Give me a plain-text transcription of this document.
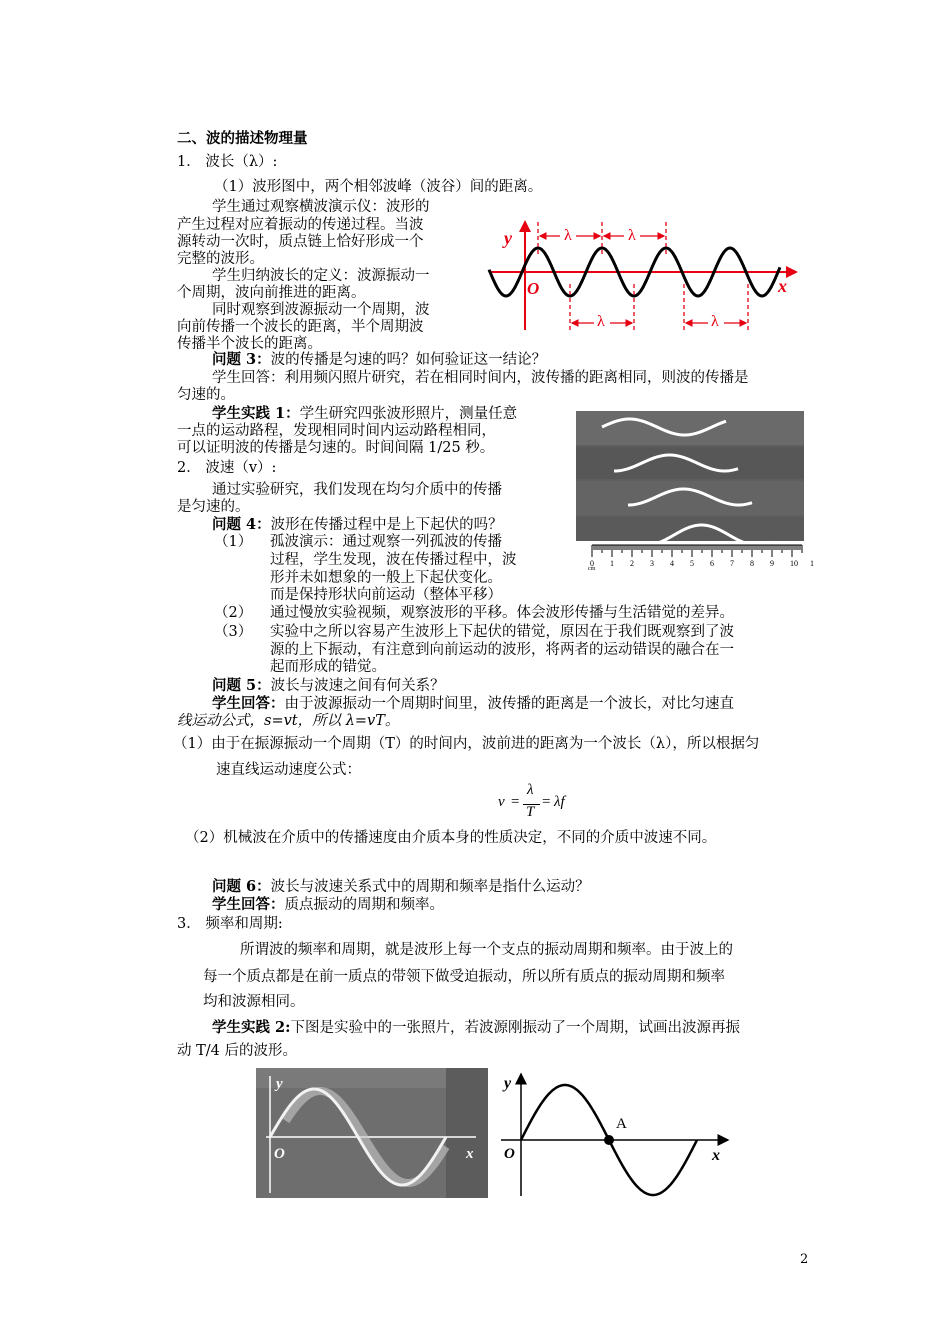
二、波的描述物理量
1． 波长（λ）:
（1）波形图中，两个相邻波峰（波谷）间的距离。
学生通过观察横波演示仪：波形的
产生过程对应着振动的传递过程。当波
源转动一次时，质点链上恰好形成一个
完整的波形。
学生归纳波长的定义：波源振动一
个周期，波向前推进的距离。
同时观察到波源振动一个周期，波
向前传播一个波长的距离，半个周期波
传播半个波长的距离。
λ	λ
λ	λ
y
x
O
问题 3：波的传播是匀速的吗？如何验证这一结论？
学生回答：利用频闪照片研究，若在相同时间内，波传播的距离相同，则波的传播是
匀速的。
学生实践 1：学生研究四张波形照片，测量任意
一点的运动路程，发现相同时间内运动路程相同，
可以证明波的传播是匀速的。时间间隔 1/25 秒。
0 1 2 3 4 5 6 7 8 9 10 1
cm
2． 波速（v）:
通过实验研究，我们发现在均匀介质中的传播
是匀速的。
问题 4：波形在传播过程中是上下起伏的吗？
（1） 孤波演示：通过观察一列孤波的传播
过程，学生发现，波在传播过程中，波
形并未如想象的一般上下起伏变化。
而是保持形状向前运动（整体平移）
（2） 通过慢放实验视频，观察波形的平移。体会波形传播与生活错觉的差异。
（3） 实验中之所以容易产生波形上下起伏的错觉，原因在于我们既观察到了波
源的上下振动，有注意到向前运动的波形，将两者的运动错误的融合在一
起而形成的错觉。
问题 5：波长与波速之间有何关系？
学生回答：由于波源振动一个周期时间里，波传播的距离是一个波长，对比匀速直
线运动公式，s=vt，所以 λ=vT。
（1）由于在振源振动一个周期（T）的时间内，波前进的距离为一个波长（λ），所以根据匀
速直线运动速度公式：
v =
λ
T
= λf
（2）机械波在介质中的传播速度由介质本身的性质决定，不同的介质中波速不同。
问题 6：波长与波速关系式中的周期和频率是指什么运动？
学生回答：质点振动的周期和频率。
3． 频率和周期:
所谓波的频率和周期，就是波形上每一个支点的振动周期和频率。由于波上的
每一个质点都是在前一质点的带领下做受迫振动，所以所有质点的振动周期和频率
均和波源相同。
学生实践 2:下图是实验中的一张照片，若波源刚振动了一个周期，试画出波源再振
动 T/4 后的波形。
y
x
O
A
y
x
O
2
